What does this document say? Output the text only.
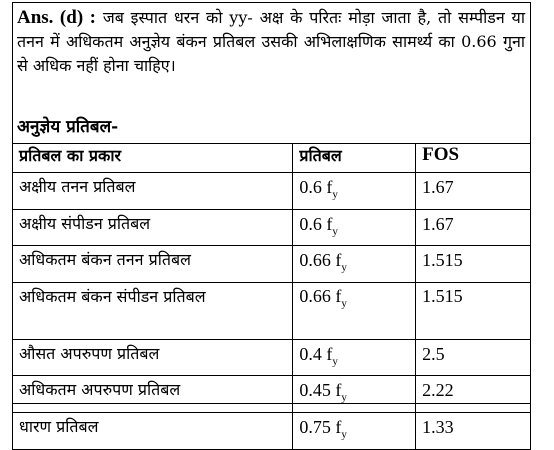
Ans. (d) : जब इस्पात धरन को yy- अक्ष के परितः मोड़ा जाता है, तो सम्पीडन या तनन में अधिकतम अनुज्ञेय बंकन प्रतिबल उसकी अभिलाक्षणिक सामर्थ्य का 0.66 गुना से अधिक नहीं होना चाहिए।
अनुज्ञेय प्रतिबल-
प्रतिबल का प्रकार	प्रतिबल	FOS
अक्षीय तनन प्रतिबल	0.6 $f_y$	1.67
अक्षीय संपीडन प्रतिबल	0.6 $f_y$	1.67
अधिकतम बंकन तनन प्रतिबल	0.66 $f_y$	1.515

अधिकतम बंकन संपीडन प्रतिबल	0.66 $f_y$	1.515
औसत अपरुपण प्रतिबल	0.4 $f_y$	2.5
अधिकतम अपरुपण प्रतिबल	0.45 $f_y$	2.22
धारण प्रतिबल	0.75 $f_y$	1.33
